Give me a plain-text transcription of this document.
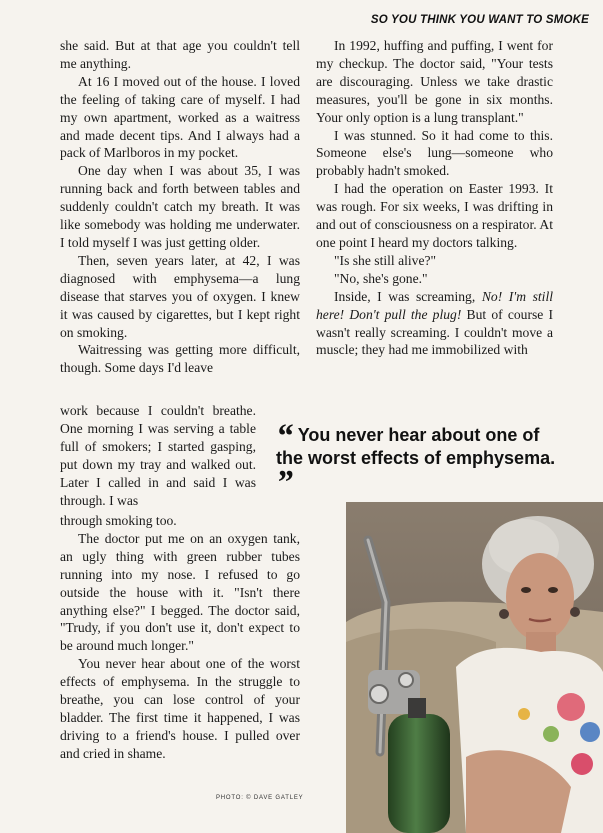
SO YOU THINK YOU WANT TO SMOKE

she said. But at that age you couldn't tell me anything.

At 16 I moved out of the house. I loved the feeling of taking care of myself. I had my own apartment, worked as a waitress and made decent tips. And I always had a pack of Marlboros in my pocket.

One day when I was about 35, I was running back and forth between tables and suddenly couldn't catch my breath. It was like somebody was holding me underwater. I told myself I was just getting older.

Then, seven years later, at 42, I was diagnosed with emphysema—a lung disease that starves you of oxygen. I knew it was caused by cigarettes, but I kept right on smoking.

Waitressing was getting more difficult, though. Some days I'd leave

work because I couldn't breathe. One morning I was serving a table full of smokers; I started gasping, put down my tray and walked out. Later I called in and said I was through. I was

through smoking too.

The doctor put me on an oxygen tank, an ugly thing with green rubber tubes running into my nose. I refused to go outside the house with it. "Isn't there anything else?" I begged. The doctor said, "Trudy, if you don't use it, don't expect to be around much longer."

You never hear about one of the worst effects of emphysema. In the struggle to breathe, you can lose control of your bladder. The first time it happened, I was driving to a friend's house. I pulled over and cried in shame.

In 1992, huffing and puffing, I went for my checkup. The doctor said, "Your tests are discouraging. Unless we take drastic measures, you'll be gone in six months. Your only option is a lung transplant."

I was stunned. So it had come to this. Someone else's lung—someone who probably hadn't smoked.

I had the operation on Easter 1993. It was rough. For six weeks, I was drifting in and out of consciousness on a respirator. At one point I heard my doctors talking.

"Is she still alive?"

"No, she's gone."

Inside, I was screaming, No! I'm still here! Don't pull the plug! But of course I wasn't really screaming. I couldn't move a muscle; they had me immobilized with

“ You never hear about one of the worst effects of emphysema. ”
PHOTO: © DAVE GATLEY
